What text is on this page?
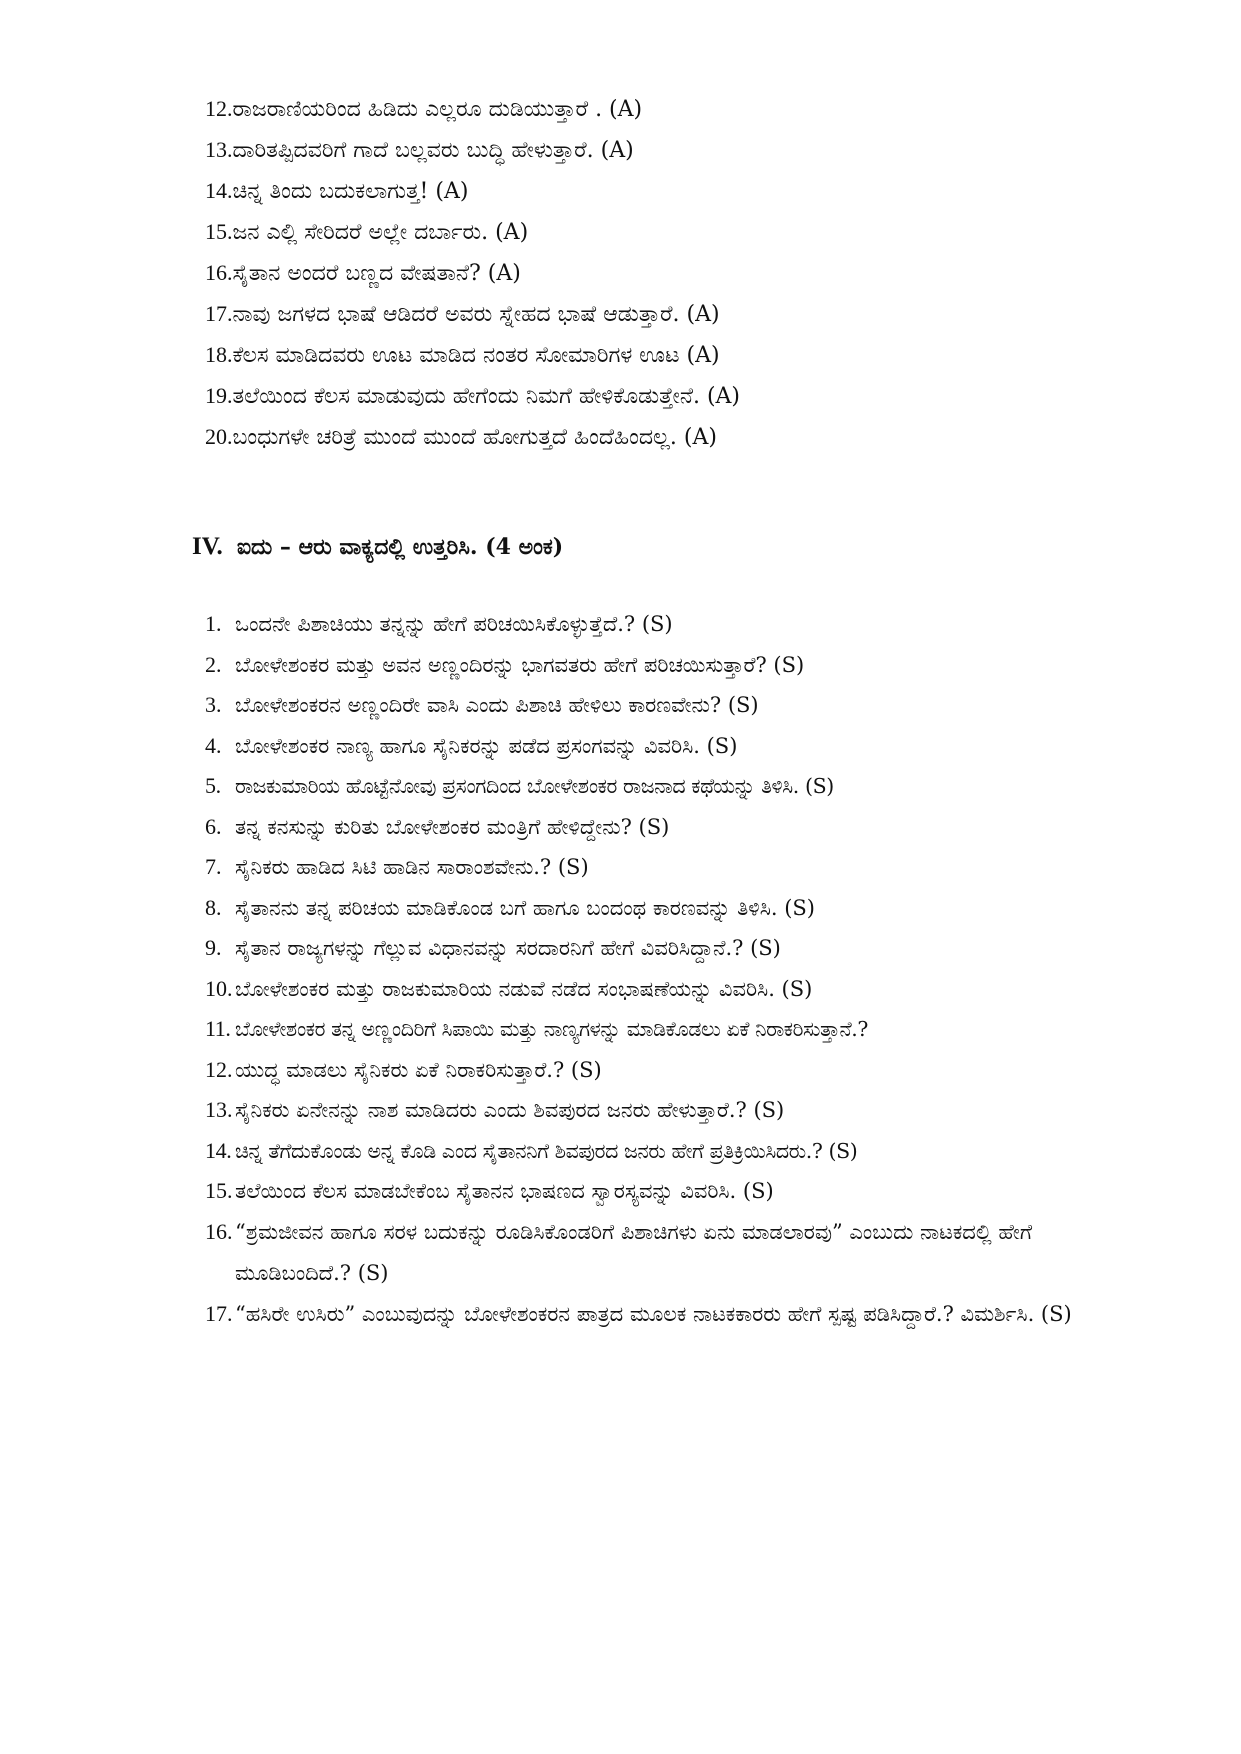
12.ರಾಜರಾಣಿಯರಿಂದ ಹಿಡಿದು ಎಲ್ಲರೂ ದುಡಿಯುತ್ತಾರೆ . (A)
13.ದಾರಿತಪ್ಪಿದವರಿಗೆ ಗಾದೆ ಬಲ್ಲವರು ಬುದ್ಧಿ ಹೇಳುತ್ತಾರೆ. (A)
14.ಚಿನ್ನ ತಿಂದು ಬದುಕಲಾಗುತ್ತ! (A)
15.ಜನ ಎಲ್ಲಿ ಸೇರಿದರೆ ಅಲ್ಲೇ ದರ್ಬಾರು. (A)
16.ಸೈತಾನ ಅಂದರೆ ಬಣ್ಣದ ವೇಷತಾನೆ? (A)
17.ನಾವು ಜಗಳದ ಭಾಷೆ ಆಡಿದರೆ ಅವರು ಸ್ನೇಹದ ಭಾಷೆ ಆಡುತ್ತಾರೆ. (A)
18.ಕೆಲಸ ಮಾಡಿದವರು ಊಟ ಮಾಡಿದ ನಂತರ ಸೋಮಾರಿಗಳ ಊಟ (A)
19.ತಲೆಯಿಂದ ಕೆಲಸ ಮಾಡುವುದು ಹೇಗೆಂದು ನಿಮಗೆ ಹೇಳಿಕೊಡುತ್ತೇನೆ. (A)
20.ಬಂಧುಗಳೇ ಚರಿತ್ರೆ ಮುಂದೆ ಮುಂದೆ ಹೋಗುತ್ತದೆ ಹಿಂದೆಹಿಂದಲ್ಲ. (A)
IV. ಐದು – ಆರು ವಾಕ್ಯದಲ್ಲಿ ಉತ್ತರಿಸಿ. (4 ಅಂಕ)
1. ಒಂದನೇ ಪಿಶಾಚಿಯು ತನ್ನನ್ನು ಹೇಗೆ ಪರಿಚಯಿಸಿಕೊಳ್ಳುತ್ತೆದೆ.? (S)
2. ಬೋಳೇಶಂಕರ ಮತ್ತು ಅವನ ಅಣ್ಣಂದಿರನ್ನು ಭಾಗವತರು ಹೇಗೆ ಪರಿಚಯಿಸುತ್ತಾರೆ? (S)
3. ಬೋಳೇಶಂಕರನ ಅಣ್ಣಂದಿರೇ ವಾಸಿ ಎಂದು ಪಿಶಾಚಿ ಹೇಳಿಲು ಕಾರಣವೇನು? (S)
4. ಬೋಳೇಶಂಕರ ನಾಣ್ಯ ಹಾಗೂ ಸೈನಿಕರನ್ನು ಪಡೆದ ಪ್ರಸಂಗವನ್ನು ವಿವರಿಸಿ. (S)
5. ರಾಜಕುಮಾರಿಯ ಹೊಟ್ಟೆನೋವು ಪ್ರಸಂಗದಿಂದ ಬೋಳೇಶಂಕರ ರಾಜನಾದ ಕಥೆಯನ್ನು ತಿಳಿಸಿ. (S)
6. ತನ್ನ ಕನಸುನ್ನು ಕುರಿತು ಬೋಳೇಶಂಕರ ಮಂತ್ರಿಗೆ ಹೇಳಿದ್ದೇನು? (S)
7. ಸೈನಿಕರು ಹಾಡಿದ ಸಿಟಿ ಹಾಡಿನ ಸಾರಾಂಶವೇನು.? (S)
8. ಸೈತಾನನು ತನ್ನ ಪರಿಚಯ ಮಾಡಿಕೊಂಡ ಬಗೆ ಹಾಗೂ ಬಂದಂಥ ಕಾರಣವನ್ನು ತಿಳಿಸಿ. (S)
9. ಸೈತಾನ ರಾಜ್ಯಗಳನ್ನು ಗೆಲ್ಲುವ ವಿಧಾನವನ್ನು ಸರದಾರನಿಗೆ ಹೇಗೆ ವಿವರಿಸಿದ್ದಾನೆ.? (S)
10. ಬೋಳೇಶಂಕರ ಮತ್ತು ರಾಜಕುಮಾರಿಯ ನಡುವೆ ನಡೆದ ಸಂಭಾಷಣೆಯನ್ನು ವಿವರಿಸಿ. (S)
11. ಬೋಳೇಶಂಕರ ತನ್ನ ಅಣ್ಣಂದಿರಿಗೆ ಸಿಪಾಯಿ ಮತ್ತು ನಾಣ್ಯಗಳನ್ನು ಮಾಡಿಕೊಡಲು ಏಕೆ ನಿರಾಕರಿಸುತ್ತಾನೆ.?
12. ಯುದ್ಧ ಮಾಡಲು ಸೈನಿಕರು ಏಕೆ ನಿರಾಕರಿಸುತ್ತಾರೆ.? (S)
13. ಸೈನಿಕರು ಏನೇನನ್ನು ನಾಶ ಮಾಡಿದರು ಎಂದು ಶಿವಪುರದ ಜನರು ಹೇಳುತ್ತಾರೆ.? (S)
14. ಚಿನ್ನ ತೆಗೆದುಕೊಂಡು ಅನ್ನ ಕೊಡಿ ಎಂದ ಸೈತಾನನಿಗೆ ಶಿವಪುರದ ಜನರು ಹೇಗೆ ಪ್ರತಿಕ್ರಿಯಿಸಿದರು.? (S)
15. ತಲೆಯಿಂದ ಕೆಲಸ ಮಾಡಬೇಕೆಂಬ ಸೈತಾನನ ಭಾಷಣದ ಸ್ವಾರಸ್ಯವನ್ನು ವಿವರಿಸಿ. (S)
16. “ಶ್ರಮಜೀವನ ಹಾಗೂ ಸರಳ ಬದುಕನ್ನು ರೂಡಿಸಿಕೊಂಡರಿಗೆ ಪಿಶಾಚಿಗಳು ಏನು ಮಾಡಲಾರವು” ಎಂಬುದು ನಾಟಕದಲ್ಲಿ ಹೇಗೆ ಮೂಡಿಬಂದಿದೆ.? (S)
17. “ಹಸಿರೇ ಉಸಿರು” ಎಂಬುವುದನ್ನು ಬೋಳೇಶಂಕರನ ಪಾತ್ರದ ಮೂಲಕ ನಾಟಕಕಾರರು ಹೇಗೆ ಸ್ಪಷ್ಟ ಪಡಿಸಿದ್ದಾರೆ.? ವಿಮರ್ಶಿಸಿ. (S)
